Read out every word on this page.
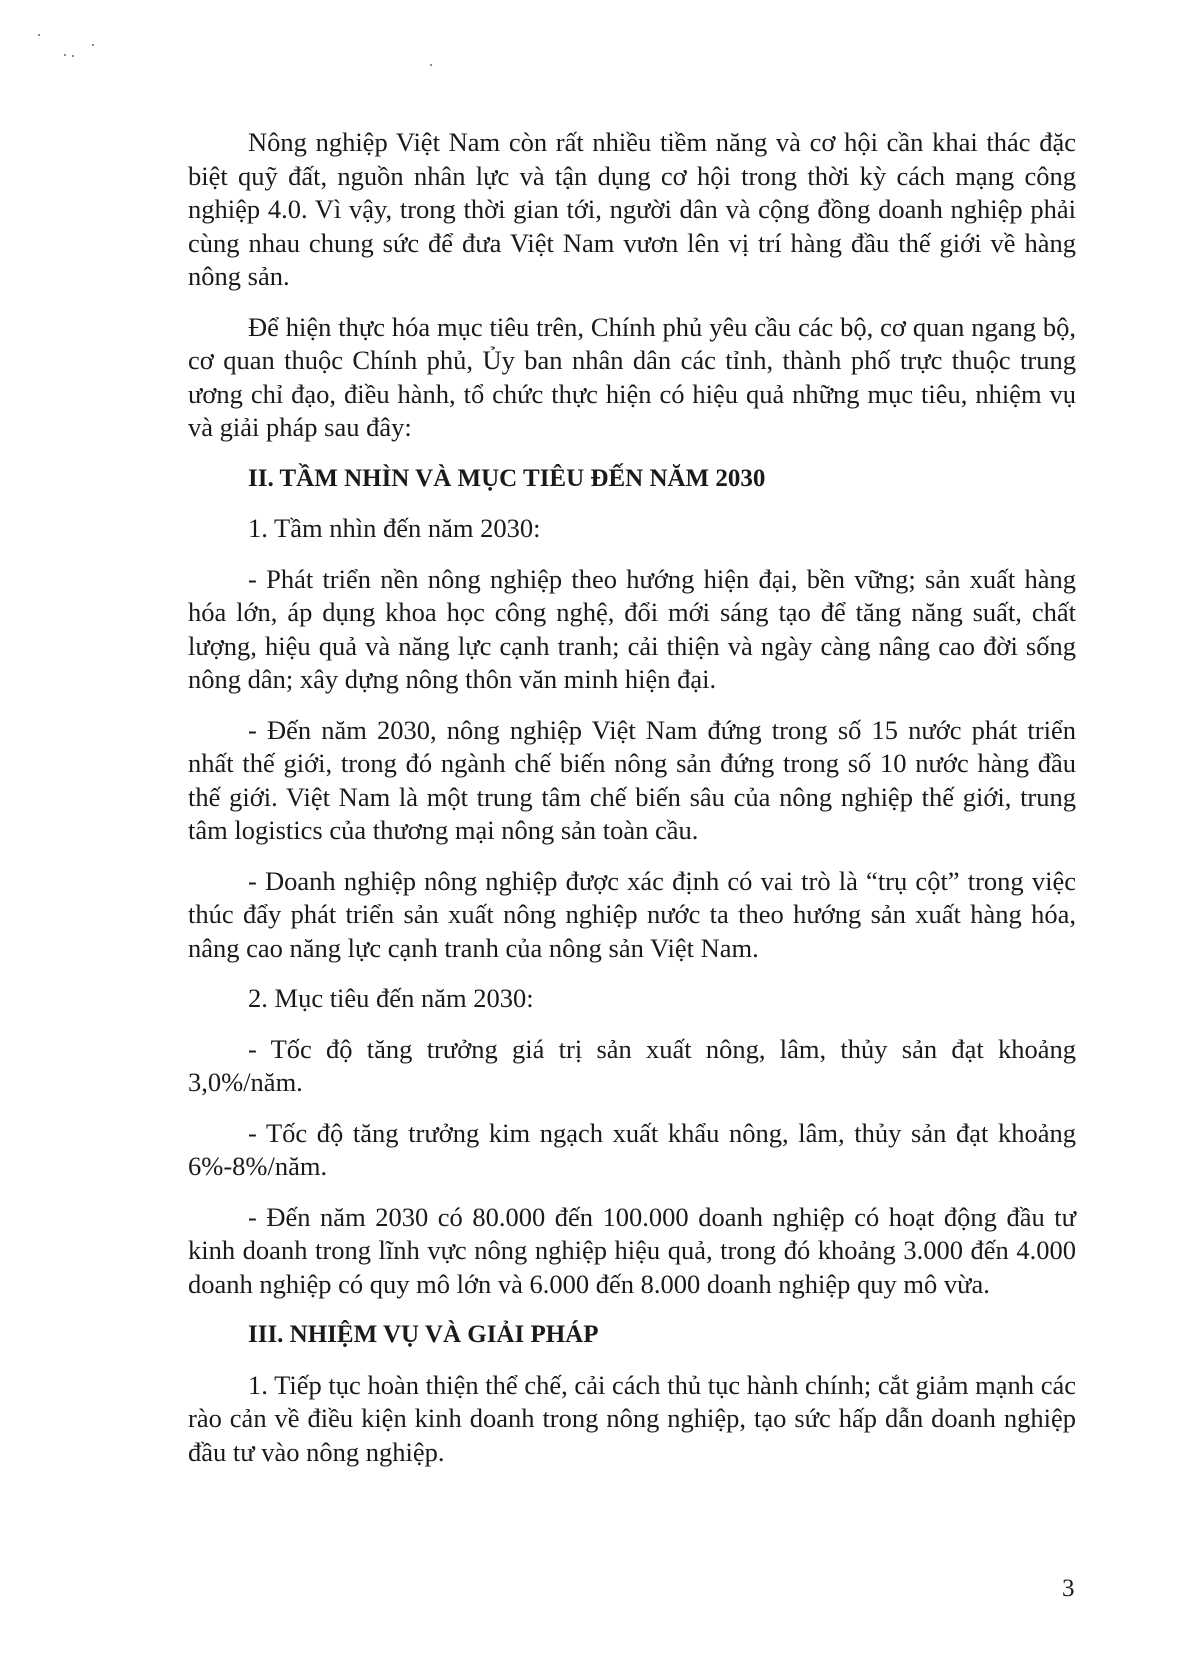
Nông nghiệp Việt Nam còn rất nhiều tiềm năng và cơ hội cần khai thác đặc biệt quỹ đất, nguồn nhân lực và tận dụng cơ hội trong thời kỳ cách mạng công nghiệp 4.0. Vì vậy, trong thời gian tới, người dân và cộng đồng doanh nghiệp phải cùng nhau chung sức để đưa Việt Nam vươn lên vị trí hàng đầu thế giới về hàng nông sản.

Để hiện thực hóa mục tiêu trên, Chính phủ yêu cầu các bộ, cơ quan ngang bộ, cơ quan thuộc Chính phủ, Ủy ban nhân dân các tỉnh, thành phố trực thuộc trung ương chỉ đạo, điều hành, tổ chức thực hiện có hiệu quả những mục tiêu, nhiệm vụ và giải pháp sau đây:

II. TẦM NHÌN VÀ MỤC TIÊU ĐẾN NĂM 2030

1. Tầm nhìn đến năm 2030:

- Phát triển nền nông nghiệp theo hướng hiện đại, bền vững; sản xuất hàng hóa lớn, áp dụng khoa học công nghệ, đổi mới sáng tạo để tăng năng suất, chất lượng, hiệu quả và năng lực cạnh tranh; cải thiện và ngày càng nâng cao đời sống nông dân; xây dựng nông thôn văn minh hiện đại.

- Đến năm 2030, nông nghiệp Việt Nam đứng trong số 15 nước phát triển nhất thế giới, trong đó ngành chế biến nông sản đứng trong số 10 nước hàng đầu thế giới. Việt Nam là một trung tâm chế biến sâu của nông nghiệp thế giới, trung tâm logistics của thương mại nông sản toàn cầu.

- Doanh nghiệp nông nghiệp được xác định có vai trò là “trụ cột” trong việc thúc đẩy phát triển sản xuất nông nghiệp nước ta theo hướng sản xuất hàng hóa, nâng cao năng lực cạnh tranh của nông sản Việt Nam.

2. Mục tiêu đến năm 2030:

- Tốc độ tăng trưởng giá trị sản xuất nông, lâm, thủy sản đạt khoảng 3,0%/năm.

- Tốc độ tăng trưởng kim ngạch xuất khẩu nông, lâm, thủy sản đạt khoảng 6%-8%/năm.

- Đến năm 2030 có 80.000 đến 100.000 doanh nghiệp có hoạt động đầu tư kinh doanh trong lĩnh vực nông nghiệp hiệu quả, trong đó khoảng 3.000 đến 4.000 doanh nghiệp có quy mô lớn và 6.000 đến 8.000 doanh nghiệp quy mô vừa.

III. NHIỆM VỤ VÀ GIẢI PHÁP

1. Tiếp tục hoàn thiện thể chế, cải cách thủ tục hành chính; cắt giảm mạnh các rào cản về điều kiện kinh doanh trong nông nghiệp, tạo sức hấp dẫn doanh nghiệp đầu tư vào nông nghiệp.

3
